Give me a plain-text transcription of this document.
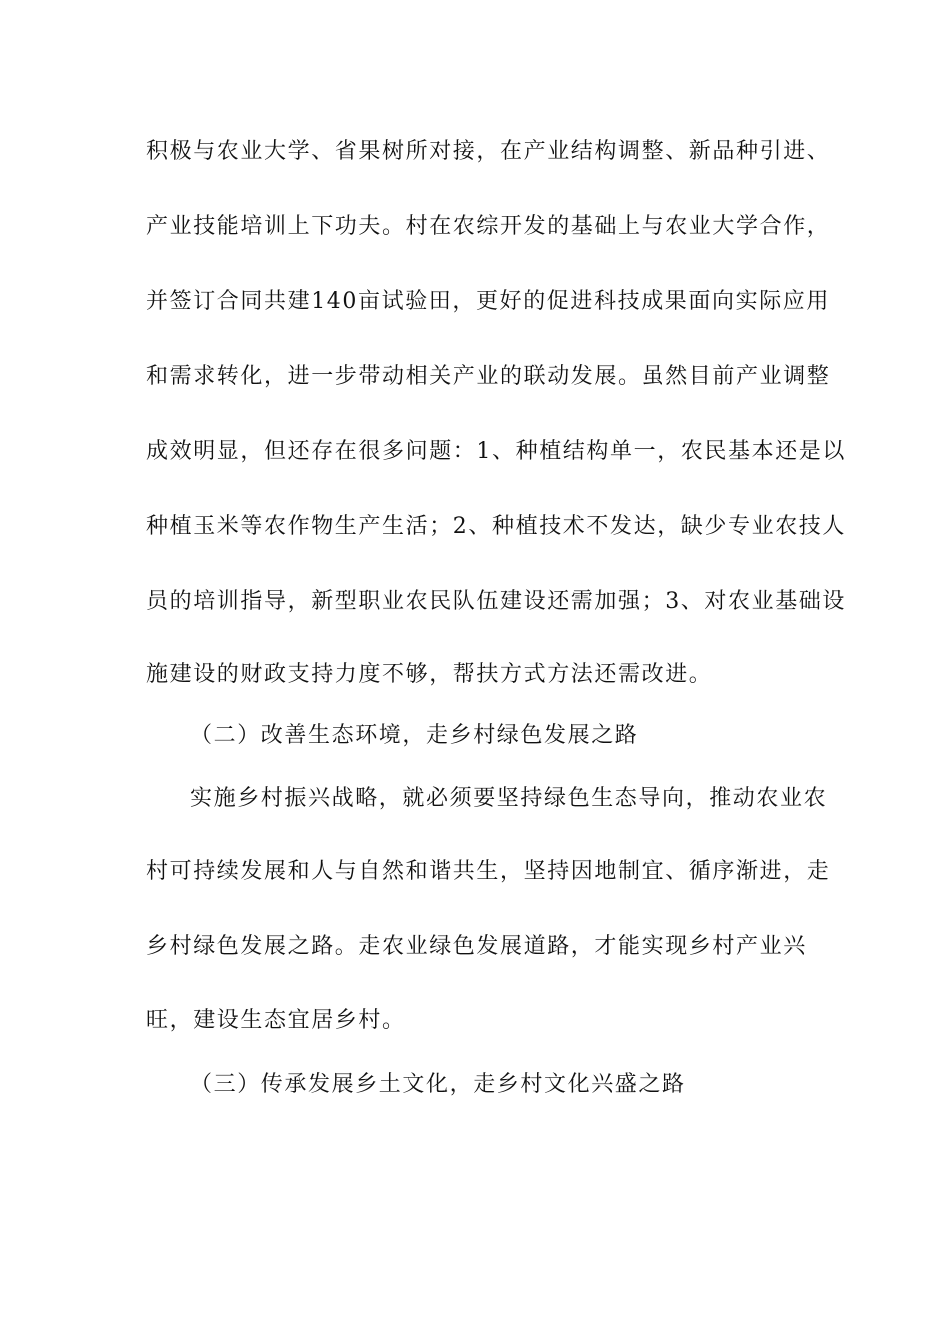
积极与农业大学、省果树所对接，在产业结构调整、新品种引进、
产业技能培训上下功夫。村在农综开发的基础上与农业大学合作，
并签订合同共建140亩试验田，更好的促进科技成果面向实际应用
和需求转化，进一步带动相关产业的联动发展。虽然目前产业调整
成效明显，但还存在很多问题：1、种植结构单一，农民基本还是以
种植玉米等农作物生产生活；2、种植技术不发达，缺少专业农技人
员的培训指导，新型职业农民队伍建设还需加强；3、对农业基础设
施建设的财政支持力度不够，帮扶方式方法还需改进。
（二）改善生态环境，走乡村绿色发展之路
实施乡村振兴战略，就必须要坚持绿色生态导向，推动农业农
村可持续发展和人与自然和谐共生，坚持因地制宜、循序渐进，走
乡村绿色发展之路。走农业绿色发展道路，才能实现乡村产业兴
旺，建设生态宜居乡村。
（三）传承发展乡土文化，走乡村文化兴盛之路
